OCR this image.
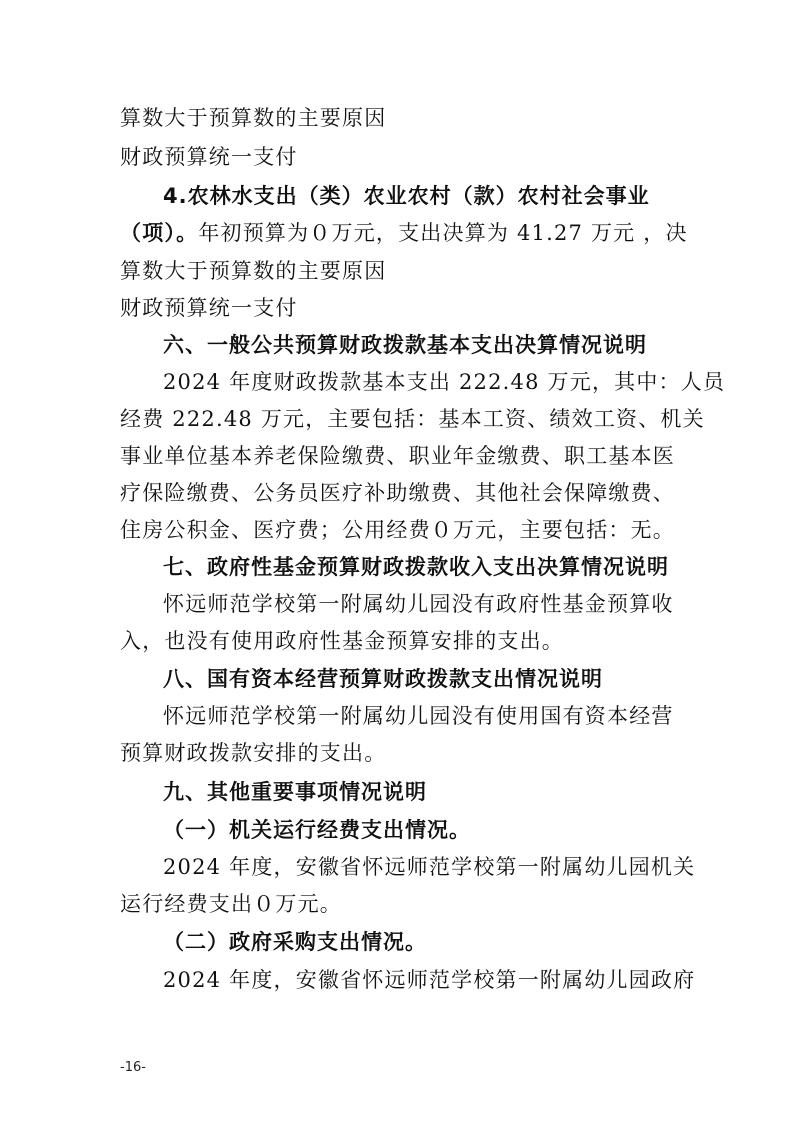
算数大于预算数的主要原因
财政预算统一支付
4.农林水支出（类）农业农村（款）农村社会事业
（项）。年初预算为０万元，支出决算为 41.27 万元 ，决
算数大于预算数的主要原因
财政预算统一支付
六、一般公共预算财政拨款基本支出决算情况说明
2024 年度财政拨款基本支出 222.48 万元，其中：人员
经费 222.48 万元，主要包括：基本工资、绩效工资、机关
事业单位基本养老保险缴费、职业年金缴费、职工基本医
疗保险缴费、公务员医疗补助缴费、其他社会保障缴费、
住房公积金、医疗费；公用经费０万元，主要包括：无。
七、政府性基金预算财政拨款收入支出决算情况说明
怀远师范学校第一附属幼儿园没有政府性基金预算收
入，也没有使用政府性基金预算安排的支出。
八、国有资本经营预算财政拨款支出情况说明
怀远师范学校第一附属幼儿园没有使用国有资本经营
预算财政拨款安排的支出。
九、其他重要事项情况说明
（一）机关运行经费支出情况。
2024 年度，安徽省怀远师范学校第一附属幼儿园机关
运行经费支出０万元。
（二）政府采购支出情况。
2024 年度，安徽省怀远师范学校第一附属幼儿园政府
-16-
